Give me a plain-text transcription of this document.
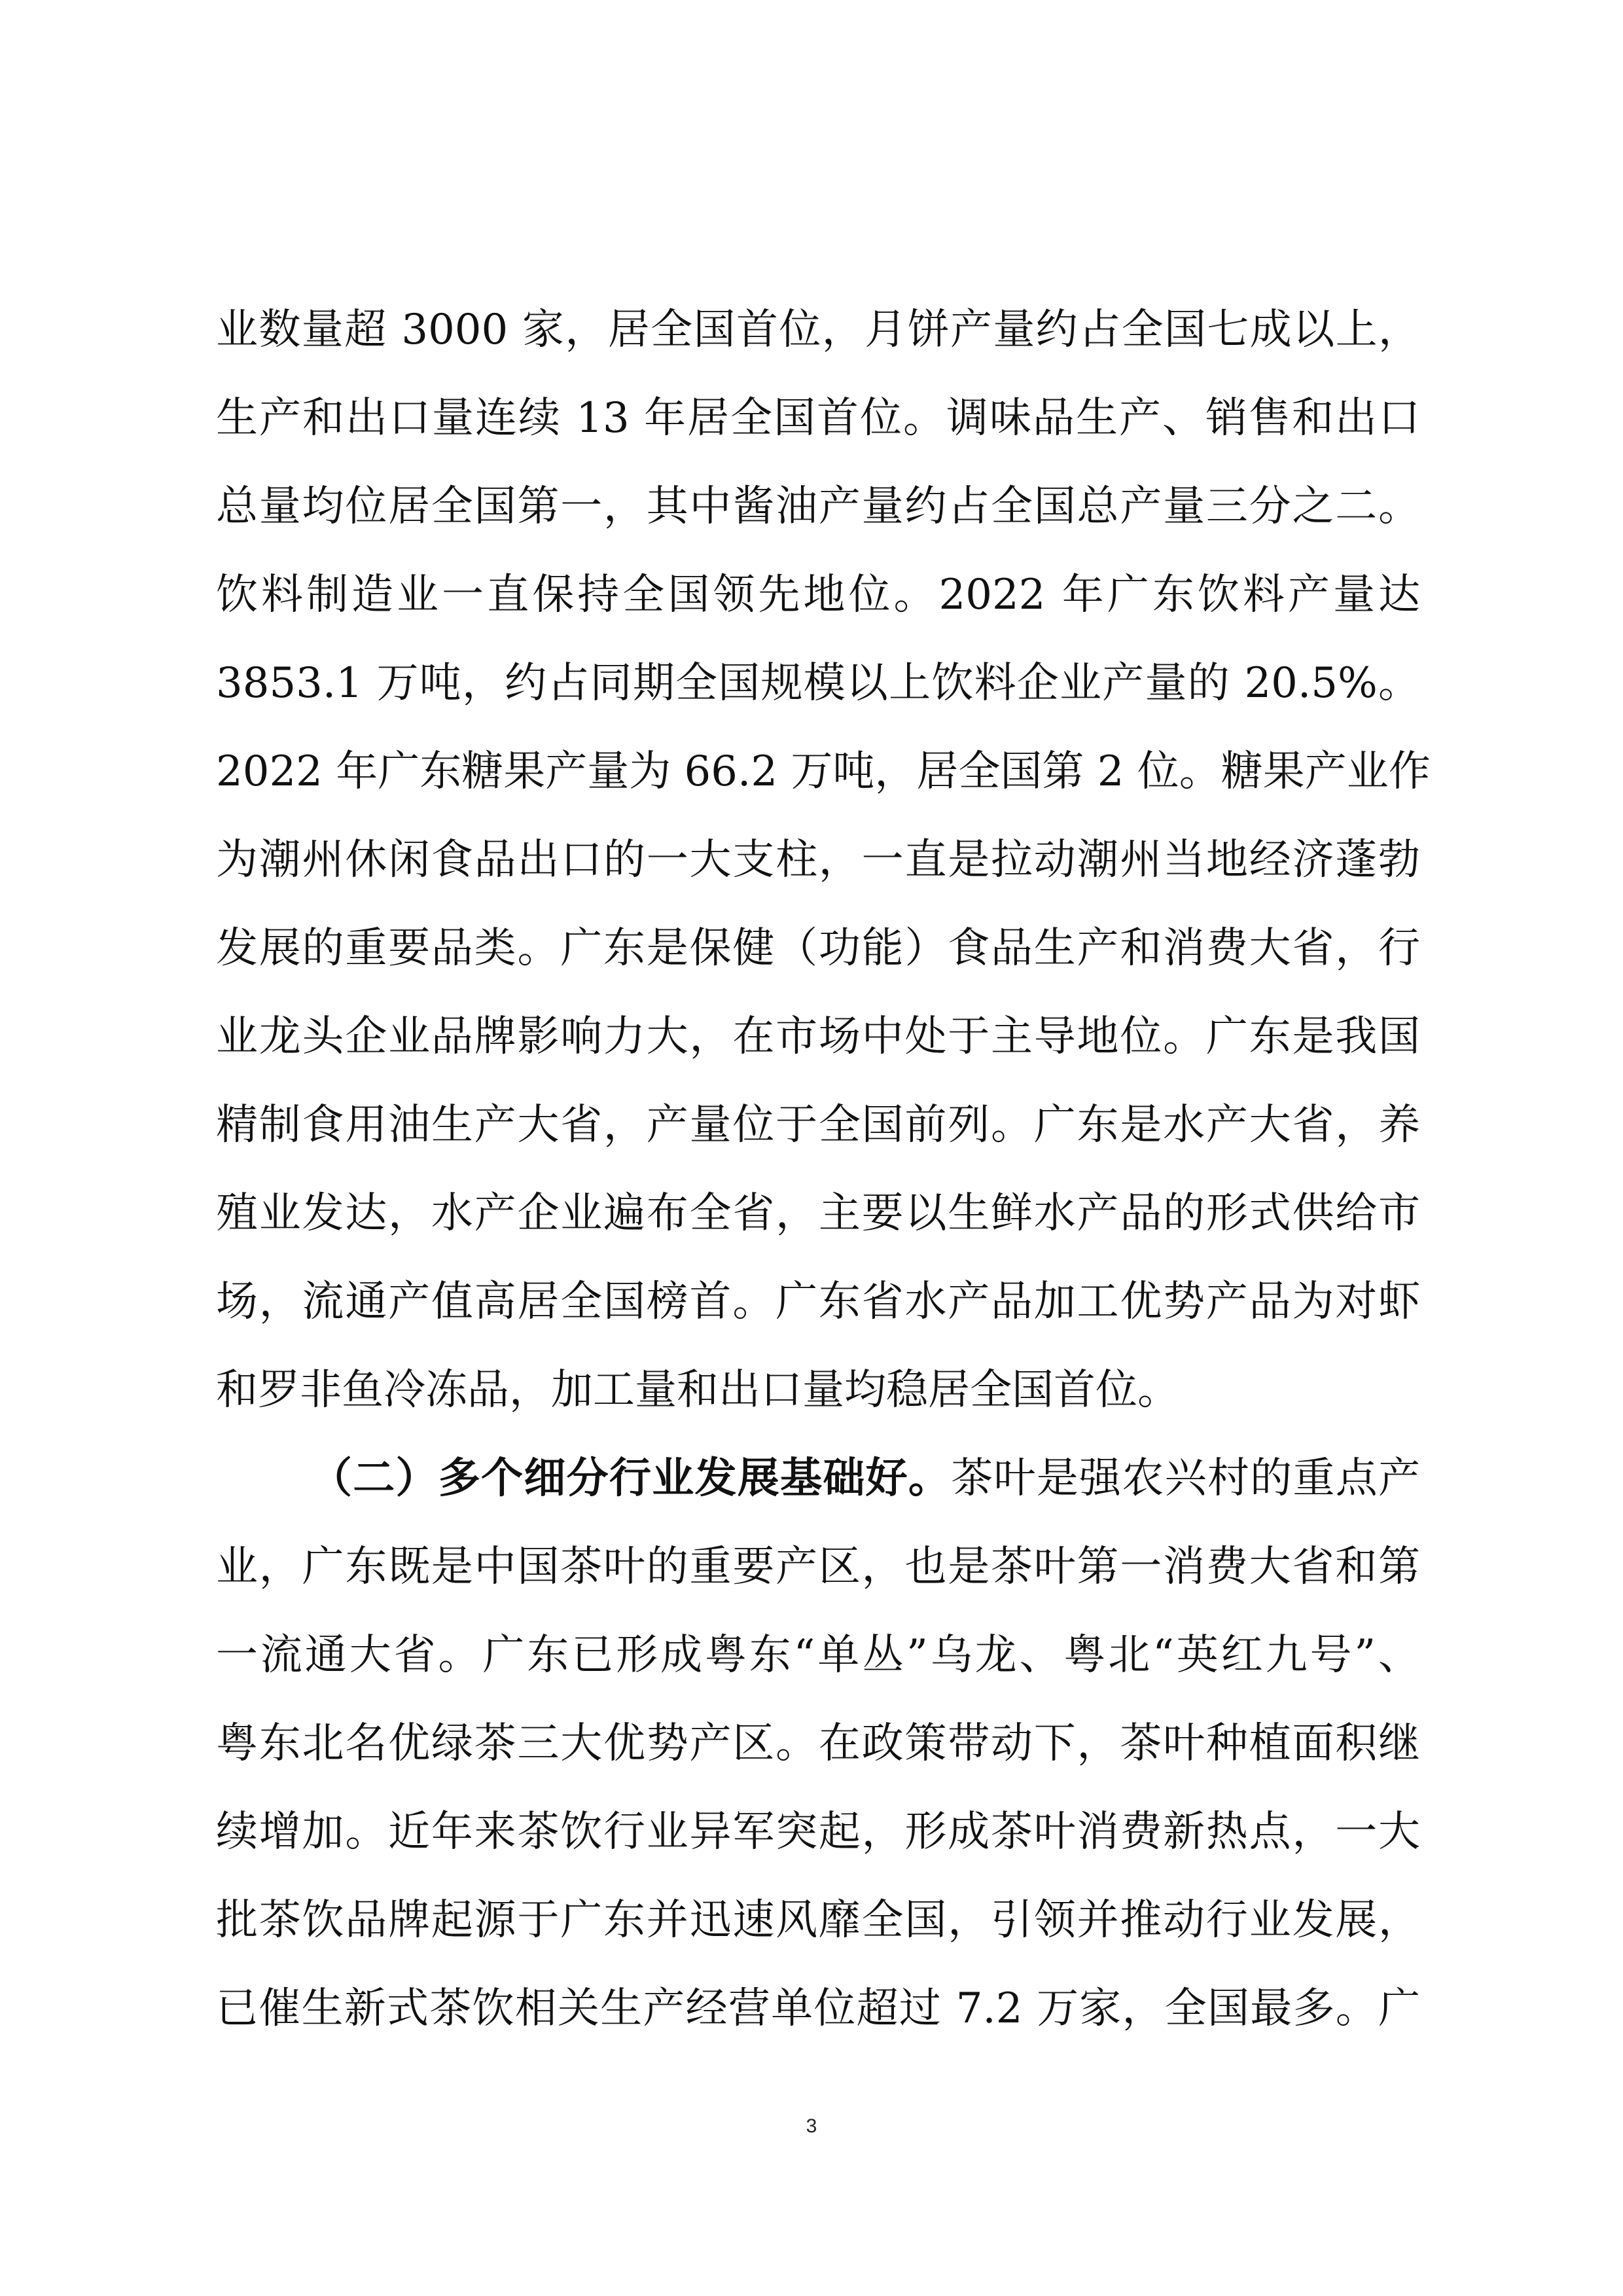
业数量超 3000 家，居全国首位，月饼产量约占全国七成以上，
生产和出口量连续 13 年居全国首位。调味品生产、销售和出口
总量均位居全国第一，其中酱油产量约占全国总产量三分之二。
饮料制造业一直保持全国领先地位。2022 年广东饮料产量达
3853.1 万吨，约占同期全国规模以上饮料企业产量的 20.5%。
2022 年广东糖果产量为 66.2 万吨，居全国第 2 位。糖果产业作
为潮州休闲食品出口的一大支柱，一直是拉动潮州当地经济蓬勃
发展的重要品类。广东是保健（功能）食品生产和消费大省，行
业龙头企业品牌影响力大，在市场中处于主导地位。广东是我国
精制食用油生产大省，产量位于全国前列。广东是水产大省，养
殖业发达，水产企业遍布全省，主要以生鲜水产品的形式供给市
场，流通产值高居全国榜首。广东省水产品加工优势产品为对虾
和罗非鱼冷冻品，加工量和出口量均稳居全国首位。
（二）多个细分行业发展基础好。茶叶是强农兴村的重点产
业，广东既是中国茶叶的重要产区，也是茶叶第一消费大省和第
一流通大省。广东已形成粤东“单丛”乌龙、粤北“英红九号”、
粤东北名优绿茶三大优势产区。在政策带动下，茶叶种植面积继
续增加。近年来茶饮行业异军突起，形成茶叶消费新热点，一大
批茶饮品牌起源于广东并迅速风靡全国，引领并推动行业发展，
已催生新式茶饮相关生产经营单位超过 7.2 万家，全国最多。广
3
